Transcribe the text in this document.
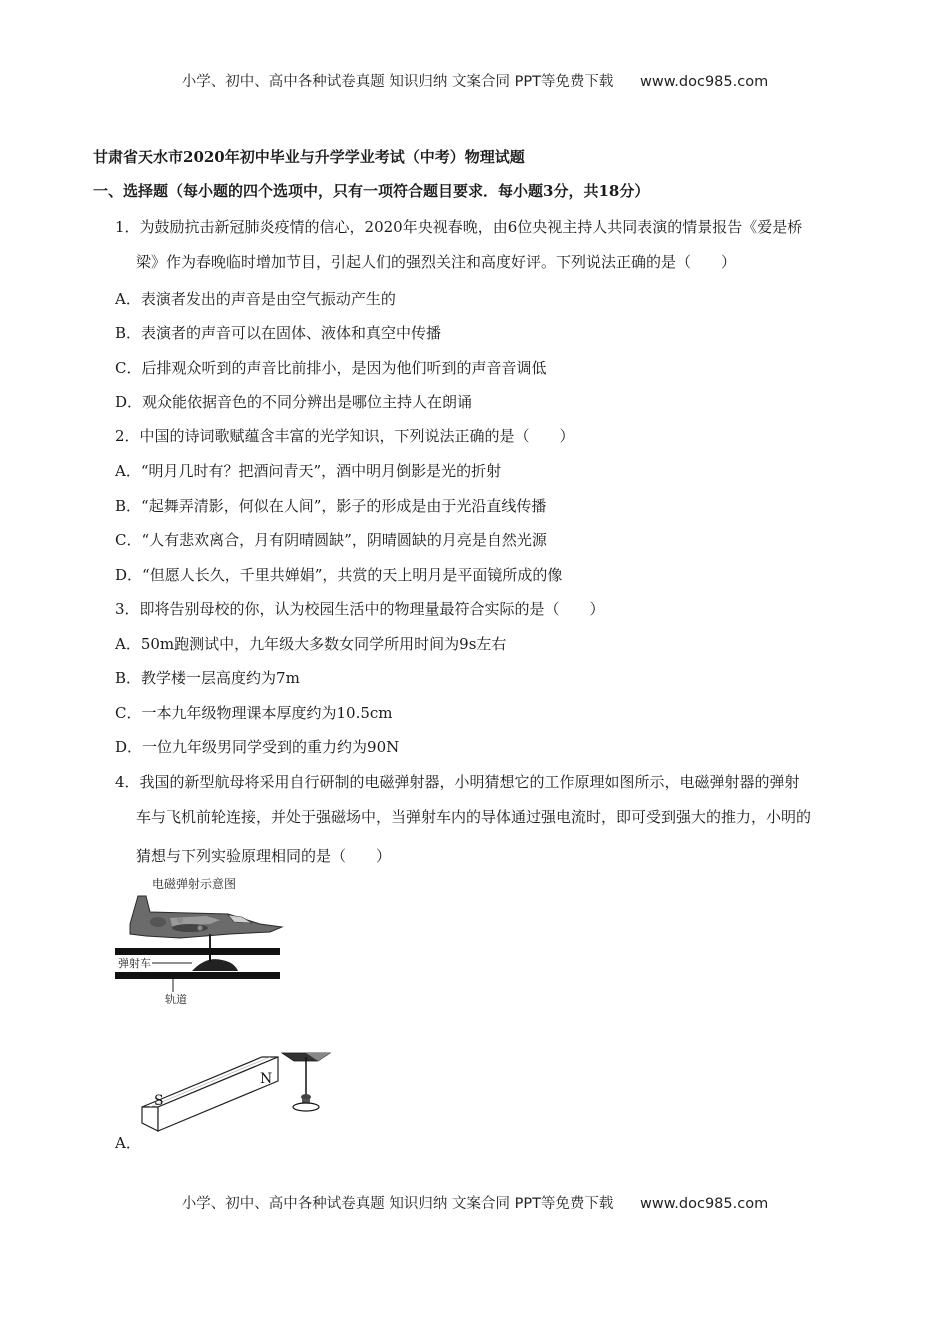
小学、初中、高中各种试卷真题 知识归纳 文案合同 PPT等免费下载 www.doc985.com
甘肃省天水市2020年初中毕业与升学学业考试（中考）物理试题
一、选择题（每小题的四个选项中，只有一项符合题目要求．每小题3分，共18分）
1．为鼓励抗击新冠肺炎疫情的信心，2020年央视春晚，由6位央视主持人共同表演的情景报告《爱是桥
梁》作为春晚临时增加节目，引起人们的强烈关注和高度好评。下列说法正确的是（　　）
A．表演者发出的声音是由空气振动产生的
B．表演者的声音可以在固体、液体和真空中传播
C．后排观众听到的声音比前排小，是因为他们听到的声音音调低
D．观众能依据音色的不同分辨出是哪位主持人在朗诵
2．中国的诗词歌赋蕴含丰富的光学知识，下列说法正确的是（　　）
A．“明月几时有？把酒问青天”，酒中明月倒影是光的折射
B．“起舞弄清影，何似在人间”，影子的形成是由于光沿直线传播
C．“人有悲欢离合，月有阴晴圆缺”，阴晴圆缺的月亮是自然光源
D．“但愿人长久，千里共婵娟”，共赏的天上明月是平面镜所成的像
3．即将告别母校的你，认为校园生活中的物理量最符合实际的是（　　）
A．50m跑测试中，九年级大多数女同学所用时间为9s左右
B．教学楼一层高度约为7m
C．一本九年级物理课本厚度约为10.5cm
D．一位九年级男同学受到的重力约为90N
4．我国的新型航母将采用自行研制的电磁弹射器，小明猜想它的工作原理如图所示，电磁弹射器的弹射
车与飞机前轮连接，并处于强磁场中，当弹射车内的导体通过强电流时，即可受到强大的推力，小明的
猜想与下列实验原理相同的是（　　）
电磁弹射示意图
弹射车
轨道
S
N
A．
小学、初中、高中各种试卷真题 知识归纳 文案合同 PPT等免费下载 www.doc985.com
